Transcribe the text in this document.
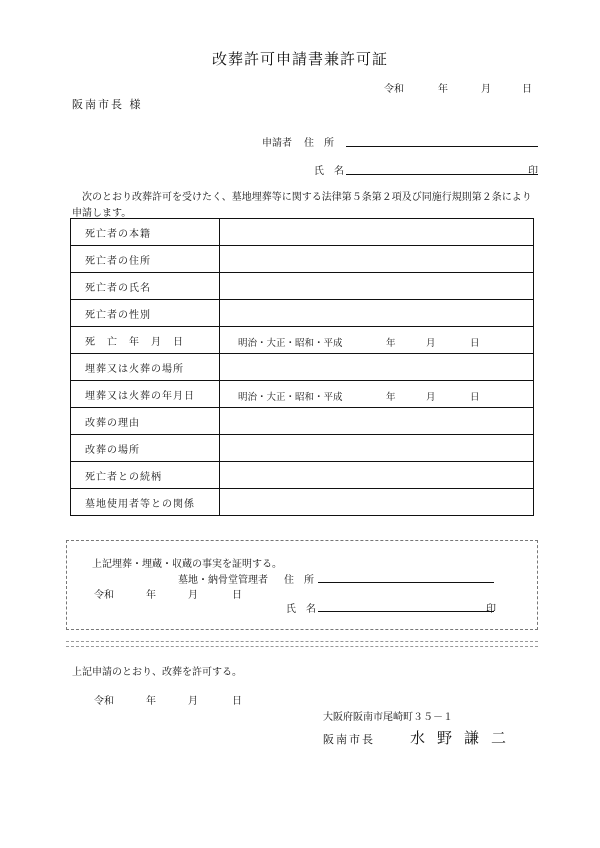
改葬許可申請書兼許可証
令和	年	月	日
阪南市長 様
申請者 住　所
氏　名	印
次のとおり改葬許可を受けたく、墓地埋葬等に関する法律第５条第２項及び同施行規則第２条により申請します。
死亡者の本籍	
死亡者の住所	
死亡者の氏名	
死亡者の性別	
死　亡　年　月　日	明治・大正・昭和・平成 年 月 日

埋葬又は火葬の場所	
埋葬又は火葬の年月日	明治・大正・昭和・平成 年 月 日

改葬の理由	
改葬の場所	
死亡者との続柄	
墓地使用者等との関係	
上記埋葬・埋蔵・収蔵の事実を証明する。
墓地・納骨堂管理者 住　所
令和	年	月	日
氏　名	印
上記申請のとおり、改葬を許可する。
令和	年	月	日
大阪府阪南市尾崎町３５－１
阪南市長 水野謙二
